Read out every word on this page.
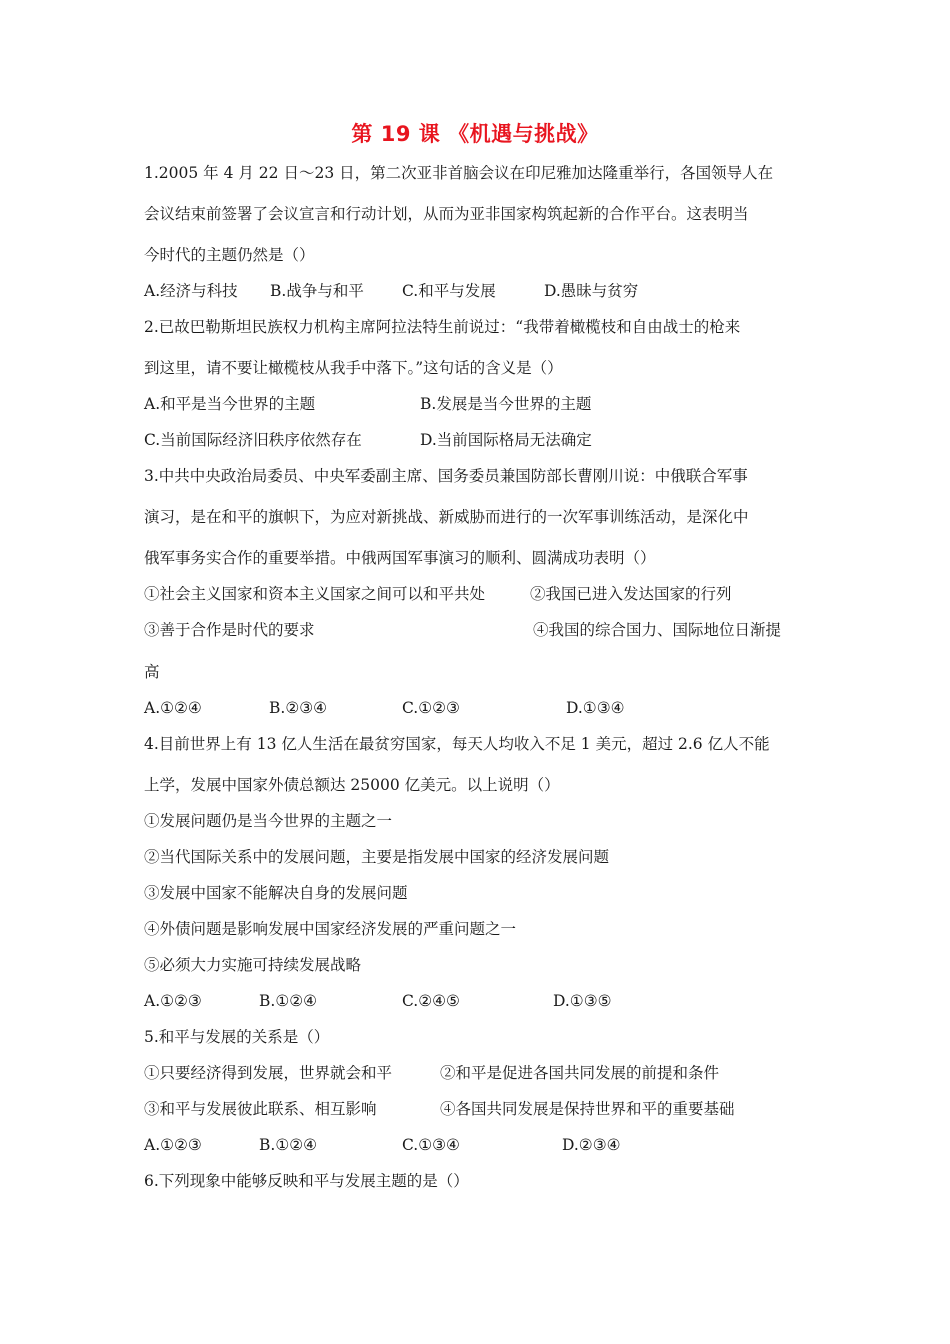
第 19 课 《机遇与挑战》
1.2005 年 4 月 22 日～23 日，第二次亚非首脑会议在印尼雅加达隆重举行，各国领导人在
会议结束前签署了会议宣言和行动计划，从而为亚非国家构筑起新的合作平台。这表明当
今时代的主题仍然是（）
A.经济与科技 B.战争与和平 C.和平与发展	D.愚昧与贫穷
2.已故巴勒斯坦民族权力机构主席阿拉法特生前说过：“我带着橄榄枝和自由战士的枪来
到这里，请不要让橄榄枝从我手中落下。”这句话的含义是（）
A.和平是当今世界的主题	B.发展是当今世界的主题
C.当前国际经济旧秩序依然存在	D.当前国际格局无法确定
3.中共中央政治局委员、中央军委副主席、国务委员兼国防部长曹刚川说：中俄联合军事
演习，是在和平的旗帜下，为应对新挑战、新威胁而进行的一次军事训练活动，是深化中
俄军事务实合作的重要举措。中俄两国军事演习的顺利、圆满成功表明（）
①社会主义国家和资本主义国家之间可以和平共处	②我国已进入发达国家的行列
③善于合作是时代的要求	④我国的综合国力、国际地位日渐提
高
A.①②④	B.②③④	C.①②③	D.①③④
4.目前世界上有 13 亿人生活在最贫穷国家，每天人均收入不足 1 美元，超过 2.6 亿人不能
上学，发展中国家外债总额达 25000 亿美元。以上说明（）
①发展问题仍是当今世界的主题之一
②当代国际关系中的发展问题，主要是指发展中国家的经济发展问题
③发展中国家不能解决自身的发展问题
④外债问题是影响发展中国家经济发展的严重问题之一
⑤必须大力实施可持续发展战略
A.①②③	B.①②④	C.②④⑤	D.①③⑤
5.和平与发展的关系是（）
①只要经济得到发展，世界就会和平	②和平是促进各国共同发展的前提和条件
③和平与发展彼此联系、相互影响	④各国共同发展是保持世界和平的重要基础
A.①②③	B.①②④	C.①③④	D.②③④
6.下列现象中能够反映和平与发展主题的是（）
